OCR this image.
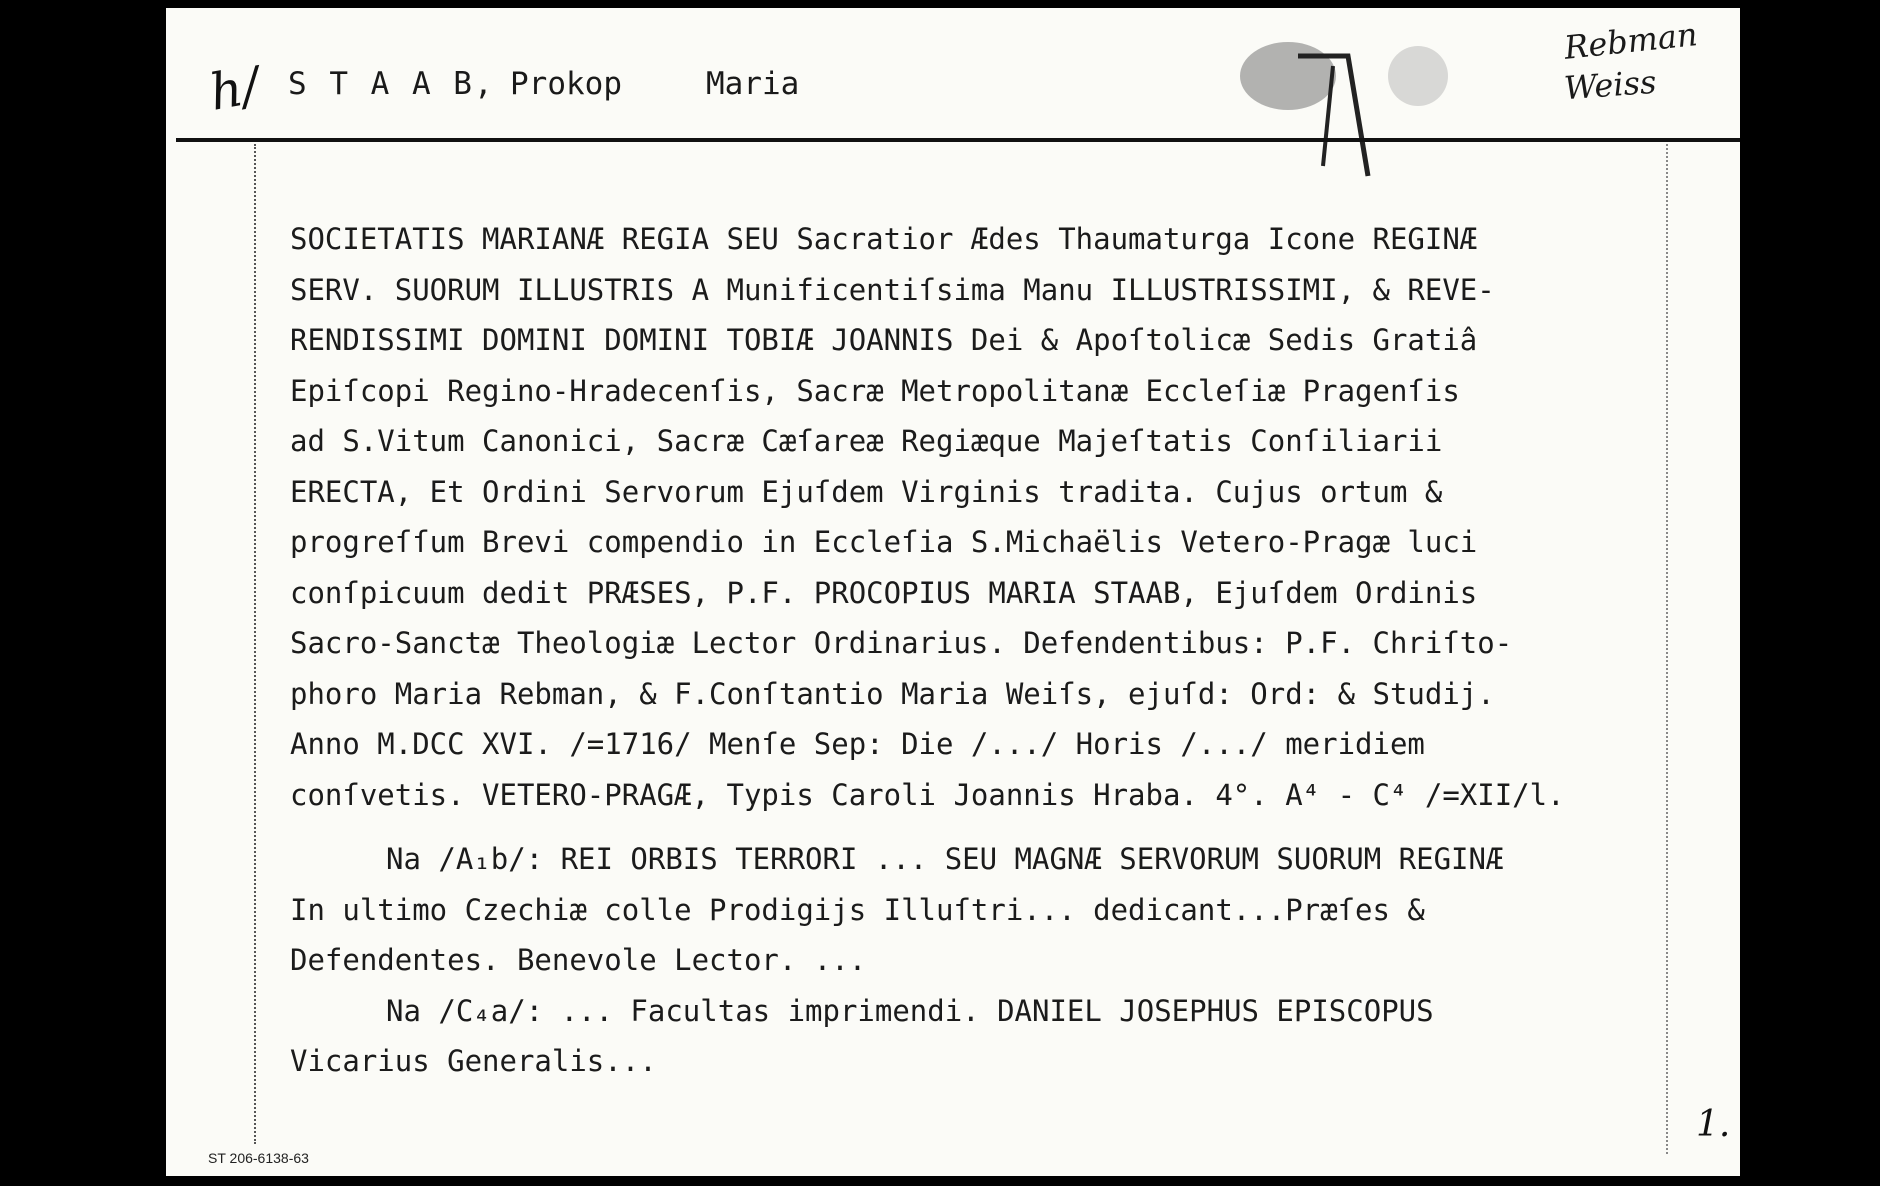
h/ S T A A B, Prokop	Maria
Rebman
Weiss
SOCIETATIS MARIANÆ REGIA SEU Sacratior Ædes Thaumaturga Icone REGINÆ
SERV. SUORUM ILLUSTRIS A Munificentiſsima Manu ILLUSTRISSIMI, & REVE-
RENDISSIMI DOMINI DOMINI TOBIÆ JOANNIS Dei & Apoſtolicæ Sedis Gratiâ
Epiſcopi Regino-Hradecenſis, Sacræ Metropolitanæ Eccleſiæ Pragenſis
ad S.Vitum Canonici, Sacræ Cæſareæ Regiæque Majeſtatis Conſiliarii
ERECTA, Et Ordini Servorum Ejuſdem Virginis tradita. Cujus ortum &
progreſſum Brevi compendio in Eccleſia S.Michaëlis Vetero-Pragæ luci
conſpicuum dedit PRÆSES, P.F. PROCOPIUS MARIA STAAB, Ejuſdem Ordinis
Sacro-Sanctæ Theologiæ Lector Ordinarius. Defendentibus: P.F. Chriſto-
phoro Maria Rebman, & F.Conſtantio Maria Weiſs, ejuſd: Ord: & Studij.
Anno M.DCC XVI. /=1716/ Menſe Sep: Die /.../ Horis /.../ meridiem
conſvetis. VETERO-PRAGÆ, Typis Caroli Joannis Hraba. 4°. A⁴ - C⁴ /=XII/l.
Na /A₁b/: REI ORBIS TERRORI ... SEU MAGNÆ SERVORUM SUORUM REGINÆ
In ultimo Czechiæ colle Prodigijs Illuſtri... dedicant...Præſes &
Defendentes. Benevole Lector. ...
Na /C₄a/: ... Facultas imprimendi. DANIEL JOSEPHUS EPISCOPUS
Vicarius Generalis...
ST 206-6138-63
1.
